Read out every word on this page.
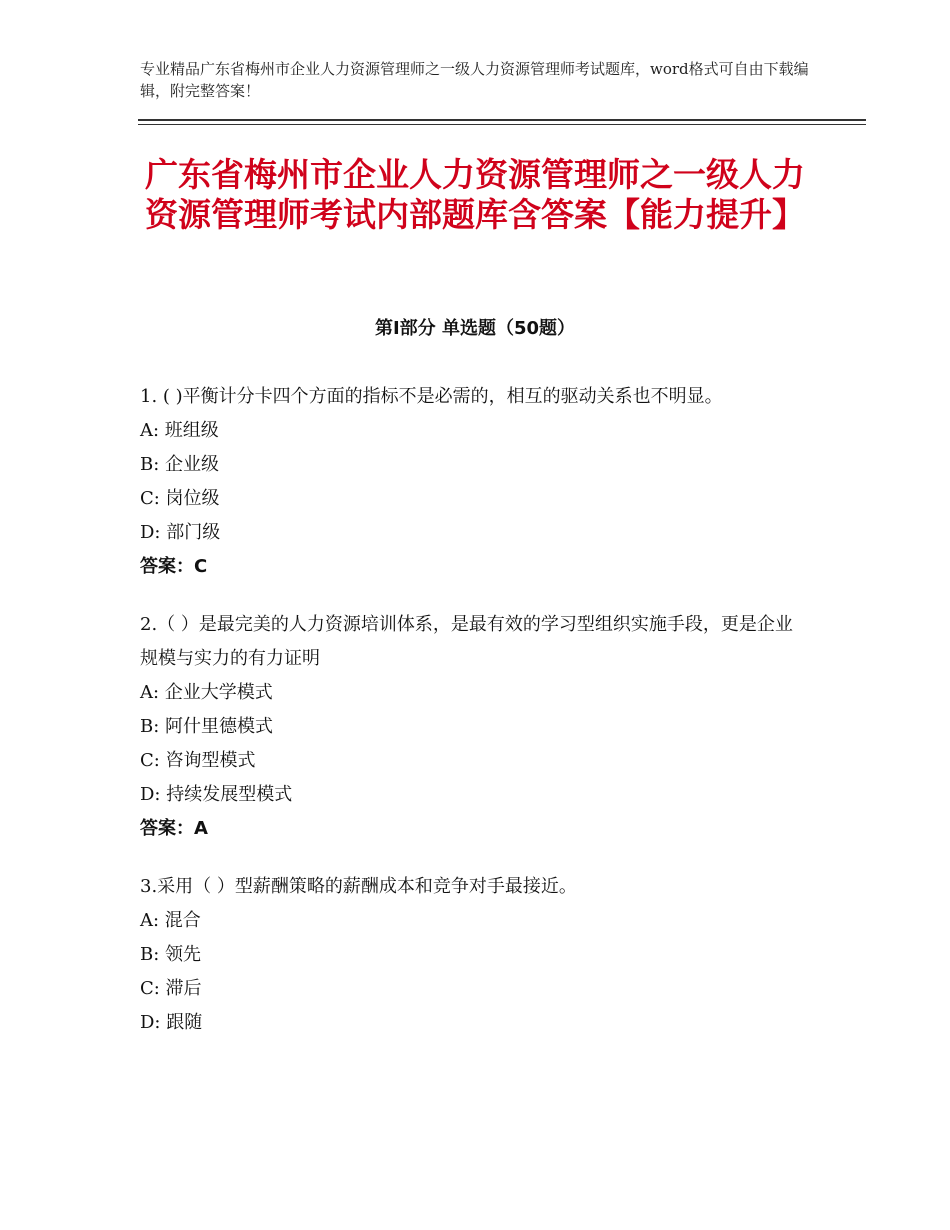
专业精品广东省梅州市企业人力资源管理师之一级人力资源管理师考试题库，word格式可自由下载编辑，附完整答案！
广东省梅州市企业人力资源管理师之一级人力资源管理师考试内部题库含答案【能力提升】
第Ⅰ部分 单选题（50题）
1. ( )平衡计分卡四个方面的指标不是必需的，相互的驱动关系也不明显。
A: 班组级
B: 企业级
C: 岗位级
D: 部门级
答案：C
2.（ ）是最完美的人力资源培训体系，是最有效的学习型组织实施手段，更是企业规模与实力的有力证明
A: 企业大学模式
B: 阿什里德模式
C: 咨询型模式
D: 持续发展型模式
答案：A
3.采用（ ）型薪酬策略的薪酬成本和竞争对手最接近。
A: 混合
B: 领先
C: 滞后
D: 跟随
